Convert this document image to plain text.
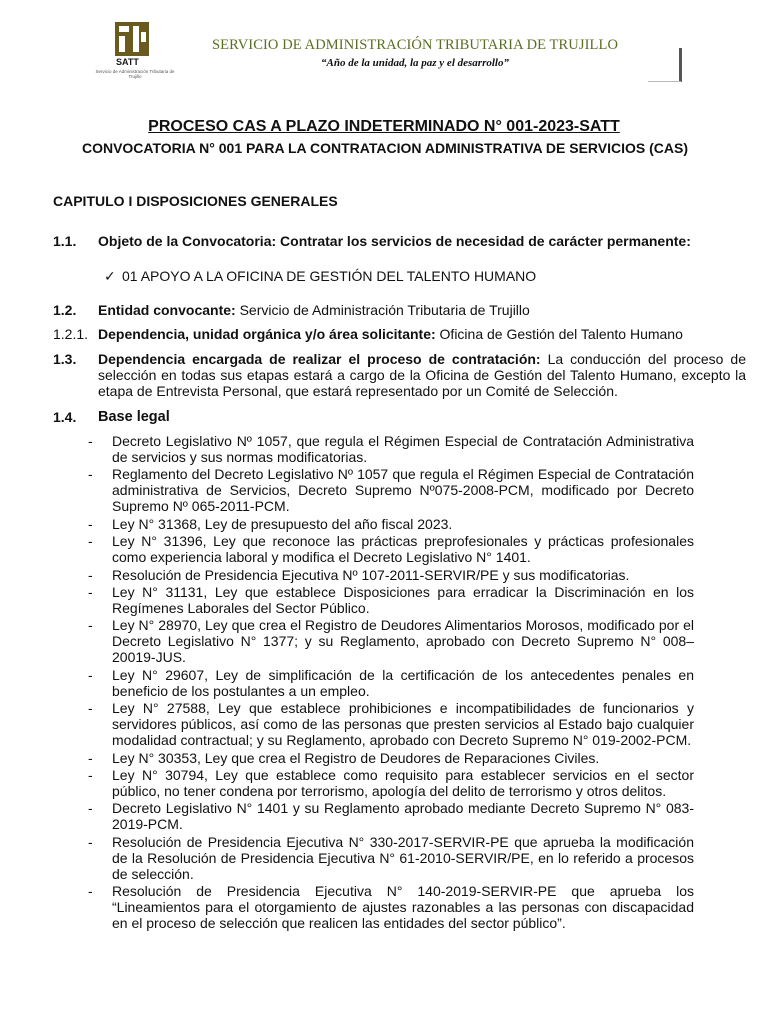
SATT
Servicio de Administración Tributaria de Trujillo
SERVICIO DE ADMINISTRACIÓN TRIBUTARIA DE TRUJILLO
“Año de la unidad, la paz y el desarrollo”
PROCESO CAS A PLAZO INDETERMINADO N° 001-2023-SATT
CONVOCATORIA N° 001 PARA LA CONTRATACION ADMINISTRATIVA DE SERVICIOS (CAS)
CAPITULO I DISPOSICIONES GENERALES
1.1. Objeto de la Convocatoria: Contratar los servicios de necesidad de carácter permanente:
✓ 01 APOYO A LA OFICINA DE GESTIÓN DEL TALENTO HUMANO
1.2. Entidad convocante: Servicio de Administración Tributaria de Trujillo
1.2.1. Dependencia, unidad orgánica y/o área solicitante: Oficina de Gestión del Talento Humano
1.3. Dependencia encargada de realizar el proceso de contratación: La conducción del proceso de selección en todas sus etapas estará a cargo de la Oficina de Gestión del Talento Humano, excepto la etapa de Entrevista Personal, que estará representado por un Comité de Selección.
1.4. Base legal
- Decreto Legislativo Nº 1057, que regula el Régimen Especial de Contratación Administrativa de servicios y sus normas modificatorias.
- Reglamento del Decreto Legislativo Nº 1057 que regula el Régimen Especial de Contratación administrativa de Servicios, Decreto Supremo Nº075-2008-PCM, modificado por Decreto Supremo Nº 065-2011-PCM.
- Ley N° 31368, Ley de presupuesto del año fiscal 2023.
- Ley N° 31396, Ley que reconoce las prácticas preprofesionales y prácticas profesionales como experiencia laboral y modifica el Decreto Legislativo N° 1401.
- Resolución de Presidencia Ejecutiva Nº 107-2011-SERVIR/PE y sus modificatorias.
- Ley N° 31131, Ley que establece Disposiciones para erradicar la Discriminación en los Regímenes Laborales del Sector Público.
- Ley N° 28970, Ley que crea el Registro de Deudores Alimentarios Morosos, modificado por el Decreto Legislativo N° 1377; y su Reglamento, aprobado con Decreto Supremo N° 008–20019-JUS.
- Ley N° 29607, Ley de simplificación de la certificación de los antecedentes penales en beneficio de los postulantes a un empleo.
- Ley N° 27588, Ley que establece prohibiciones e incompatibilidades de funcionarios y servidores públicos, así como de las personas que presten servicios al Estado bajo cualquier modalidad contractual; y su Reglamento, aprobado con Decreto Supremo N° 019-2002-PCM.
- Ley N° 30353, Ley que crea el Registro de Deudores de Reparaciones Civiles.
- Ley N° 30794, Ley que establece como requisito para establecer servicios en el sector público, no tener condena por terrorismo, apología del delito de terrorismo y otros delitos.
- Decreto Legislativo N° 1401 y su Reglamento aprobado mediante Decreto Supremo N° 083-2019-PCM.
- Resolución de Presidencia Ejecutiva N° 330-2017-SERVIR-PE que aprueba la modificación de la Resolución de Presidencia Ejecutiva N° 61-2010-SERVIR/PE, en lo referido a procesos de selección.
- Resolución de Presidencia Ejecutiva N° 140-2019-SERVIR-PE que aprueba los “Lineamientos para el otorgamiento de ajustes razonables a las personas con discapacidad en el proceso de selección que realicen las entidades del sector público”.
